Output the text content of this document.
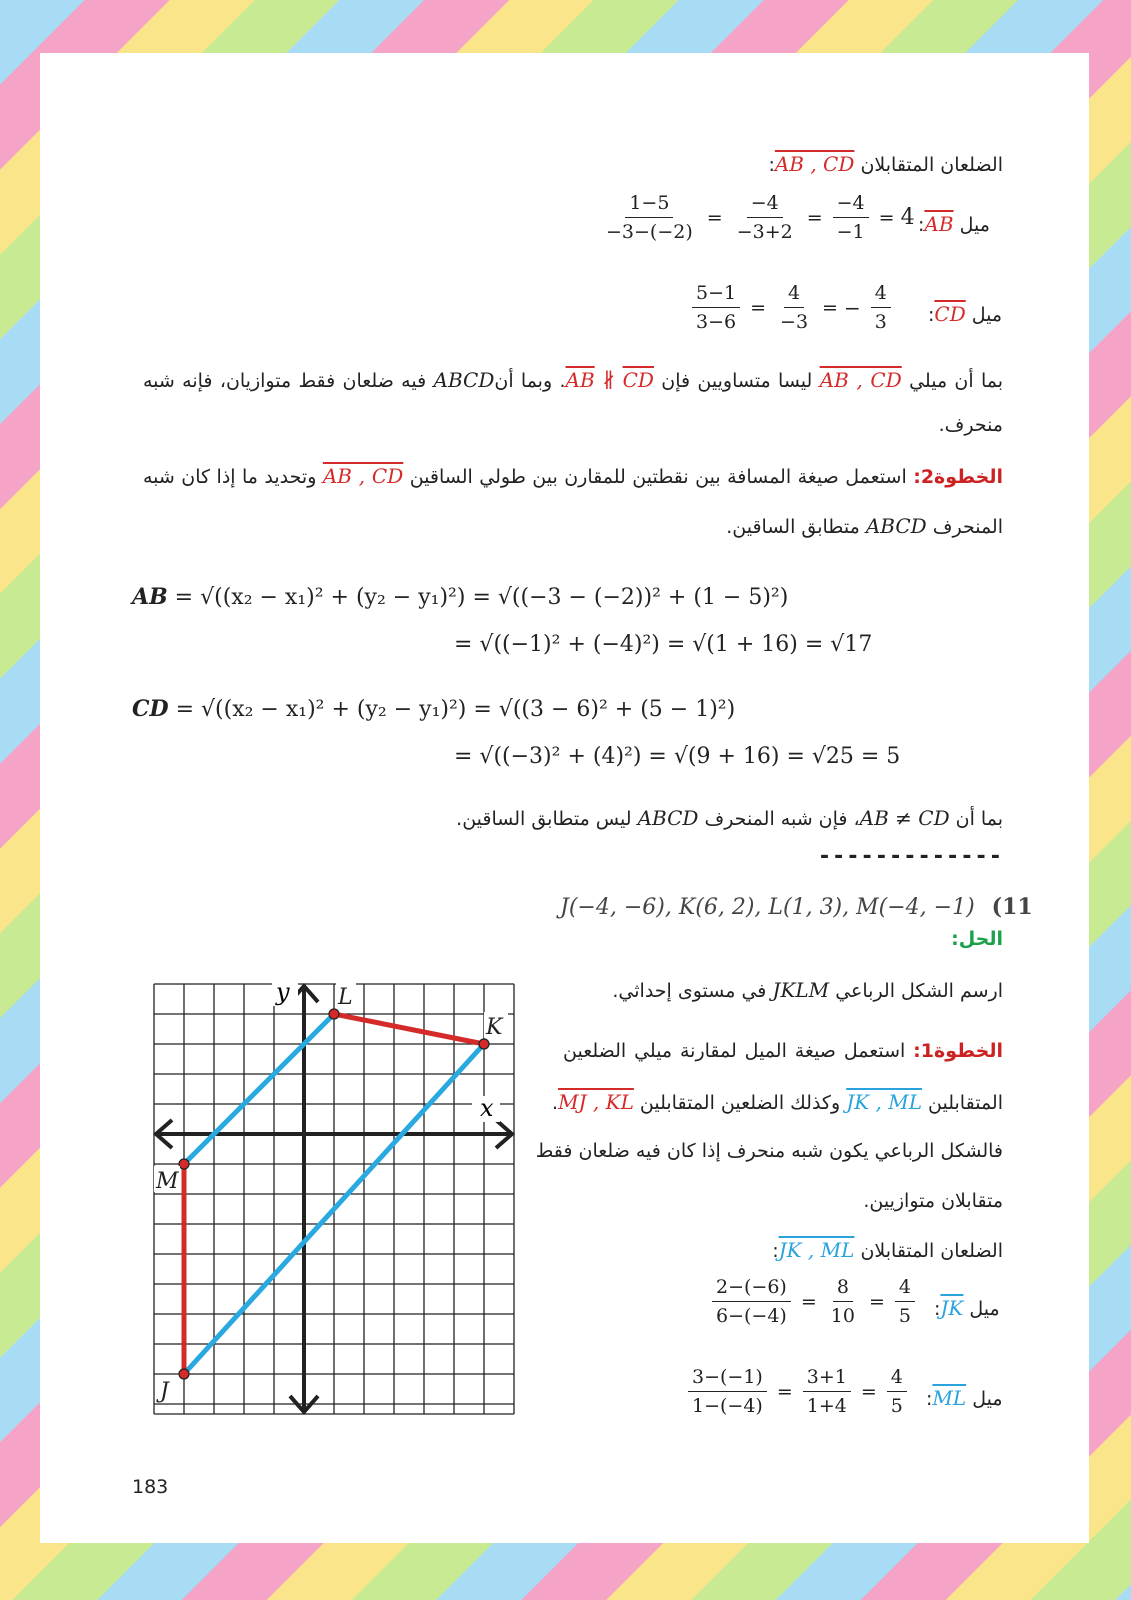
الضلعان المتقابلان AB , CD:
$\frac{1-5}{-3-(-2)} = \frac{-4}{-3+2} = \frac{-4}{-1} = 4$ $:\overline{AB}$ ميل
$\frac{5-1}{3-6} = \frac{4}{-3}$ = − $\frac{4}{3}$ $:\overline{CD}$ ميل
بما أن ميلي AB , CD ليسا متساويين فإن $\overline{AB}$ ∦ $\overline{CD}$. وبما أنABCD فيه ضلعان فقط متوازيان، فإنه شبه
منحرف.
الخطوة2: استعمل صيغة المسافة بين نقطتين للمقارن بين طولي الساقين AB , CD وتحديد ما إذا كان شبه
المنحرف ABCD متطابق الساقين.
AB = √((x₂ − x₁)² + (y₂ − y₁)²) = √((−3 − (−2))² + (1 − 5)²)
= √((−1)² + (−4)²) = √(1 + 16) = √17
CD = √((x₂ − x₁)² + (y₂ − y₁)²) = √((3 − 6)² + (5 − 1)²)
= √((−3)² + (4)²) = √(9 + 16) = √25 = 5
بما أن AB ≠ CD، فإن شبه المنحرف ABCD ليس متطابق الساقين.
-------------
J(−4, −6), K(6, 2), L(1, 3), M(−4, −1) (11
الحل:
x
y L
K
M
J
ارسم الشكل الرباعي JKLM في مستوى إحداثي.
الخطوة1: استعمل صيغة الميل لمقارنة ميلي الضلعين
المتقابلين JK , ML وكذلك الضلعين المتقابلين MJ , KL.
فالشكل الرباعي يكون شبه منحرف إذا كان فيه ضلعان فقط
متقابلان متوازيين.
الضلعان المتقابلان JK , ML:
$\frac{2-(-6)}{6-(-4)} = \frac{8}{10} = \frac{4}{5}$ $:\overline{JK}$ ميل
$\frac{3-(-1)}{1-(-4)} = \frac{3+1}{1+4} = \frac{4}{5}$ $:\overline{ML}$ ميل
183
